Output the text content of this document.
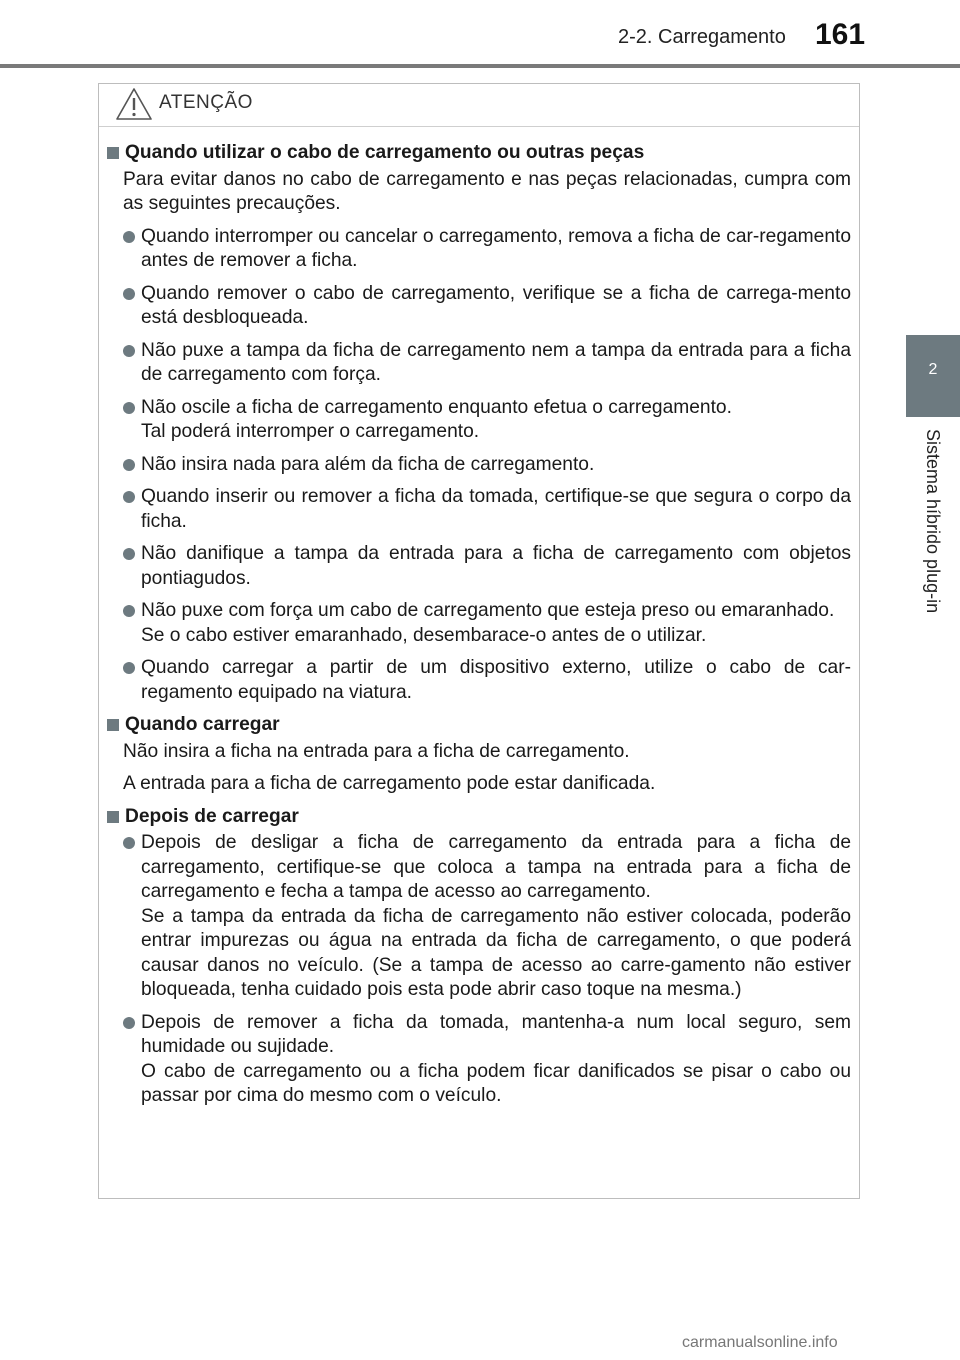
2-2. Carregamento 161
2
Sistema híbrido plug-in
ATENÇÃO
Quando utilizar o cabo de carregamento ou outras peças
Para evitar danos no cabo de carregamento e nas peças relacionadas, cumpra com as seguintes precauções.

Quando interromper ou cancelar o carregamento, remova a ficha de car-regamento antes de remover a ficha.

Quando remover o cabo de carregamento, verifique se a ficha de carrega-mento está desbloqueada.

Não puxe a tampa da ficha de carregamento nem a tampa da entrada para a ficha de carregamento com força.

Não oscile a ficha de carregamento enquanto efetua o carregamento.

Tal poderá interromper o carregamento.

Não insira nada para além da ficha de carregamento.

Quando inserir ou remover a ficha da tomada, certifique-se que segura o corpo da ficha.

Não danifique a tampa da entrada para a ficha de carregamento com objetos pontiagudos.

Não puxe com força um cabo de carregamento que esteja preso ou emaranhado.

Se o cabo estiver emaranhado, desembarace-o antes de o utilizar.

Quando carregar a partir de um dispositivo externo, utilize o cabo de car-regamento equipado na viatura.

Quando carregar
Não insira a ficha na entrada para a ficha de carregamento.
A entrada para a ficha de carregamento pode estar danificada.
Depois de carregar

Depois de desligar a ficha de carregamento da entrada para a ficha de carregamento, certifique-se que coloca a tampa na entrada para a ficha de carregamento e fecha a tampa de acesso ao carregamento.

Se a tampa da entrada da ficha de carregamento não estiver colocada, poderão entrar impurezas ou água na entrada da ficha de carregamento, o que poderá causar danos no veículo. (Se a tampa de acesso ao carre-gamento não estiver bloqueada, tenha cuidado pois esta pode abrir caso toque na mesma.)

Depois de remover a ficha da tomada, mantenha-a num local seguro, sem humidade ou sujidade.

O cabo de carregamento ou a ficha podem ficar danificados se pisar o cabo ou passar por cima do mesmo com o veículo.

carmanualsonline.info
